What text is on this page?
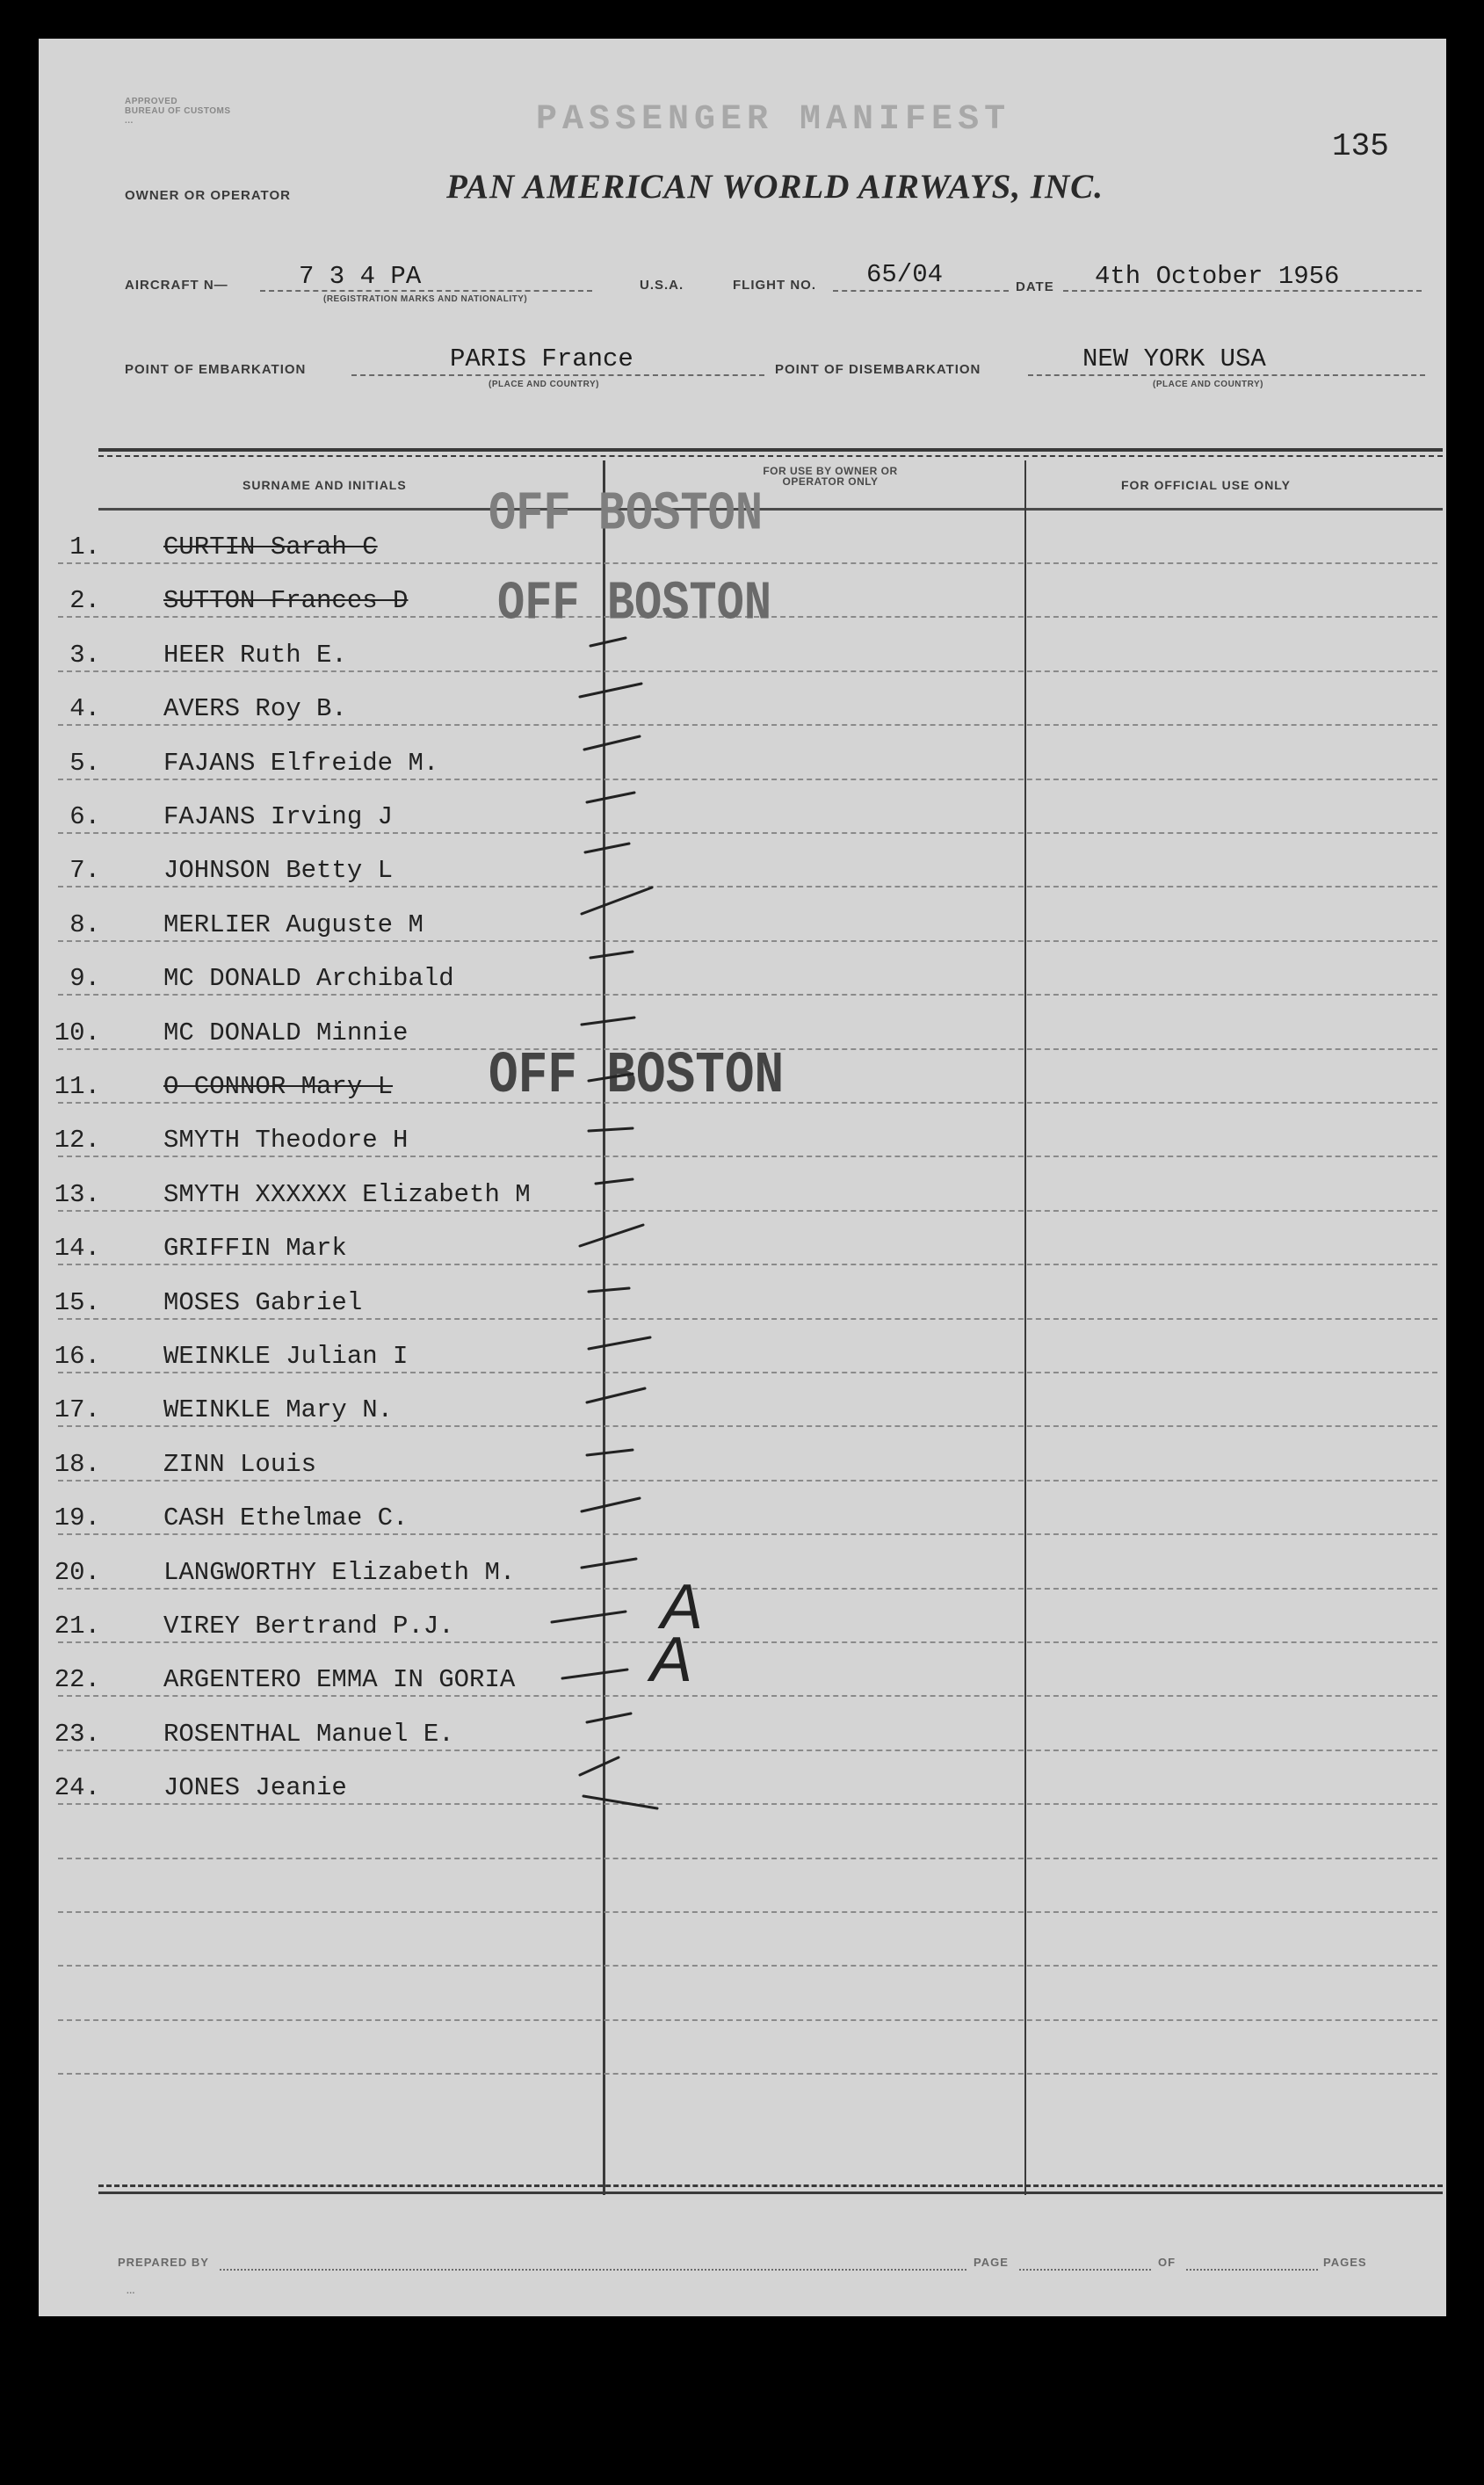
APPROVED
BUREAU OF CUSTOMS
...	PASSENGER MANIFEST
135
OWNER OR OPERATOR	PAN AMERICAN WORLD AIRWAYS, INC.
AIRCRAFT N—	7 3 4 PA
(REGISTRATION MARKS AND NATIONALITY)
U.S.A.	FLIGHT NO. 65/04	DATE 4th October 1956
POINT OF EMBARKATION	PARIS France
(PLACE AND COUNTRY)
POINT OF DISEMBARKATION	NEW YORK USA
(PLACE AND COUNTRY)
SURNAME AND INITIALS
FOR USE BY OWNER OR OPERATOR ONLY	FOR OFFICIAL USE ONLY
1. CURTIN Sarah C
2. SUTTON Frances D
3. HEER Ruth E.
4. AVERS Roy B.
5. FAJANS Elfreide M.
6. FAJANS Irving J
7. JOHNSON Betty L
8. MERLIER Auguste M
9. MC DONALD Archibald
10. MC DONALD Minnie
11. O CONNOR Mary L
12. SMYTH Theodore H
13. SMYTH XXXXXX Elizabeth M
14. GRIFFIN Mark
15. MOSES Gabriel
16. WEINKLE Julian I
17. WEINKLE Mary N.
18. ZINN Louis
19. CASH Ethelmae C.
20. LANGWORTHY Elizabeth M.
21. VIREY Bertrand P.J.
22. ARGENTERO EMMA IN GORIA
23. ROSENTHAL Manuel E.
24. JONES Jeanie
OFF BOSTON
OFF BOSTON
OFF BOSTON
A
A
PREPARED BY	PAGE	OF	PAGES
...
